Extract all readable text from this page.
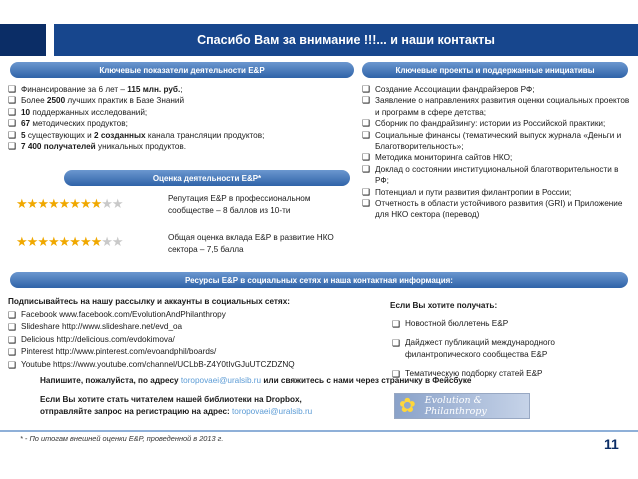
Спасибо Вам за внимание !!!... и наши контакты
Ключевые показатели деятельности E&P	Ключевые проекты и поддержанные инициативы
Оценка деятельности E&P*
Ресурсы E&P в социальных сетях и наша контактная информация:
❑ Финансирование за 6 лет – 115 млн. руб.;
❑ Более 2500 лучших практик в Базе Знаний
❑ 10 поддержанных исследований;
❑ 67 методических продуктов;
❑ 5 существующих и 2 созданных канала трансляции продуктов;
❑ 7 400 получателей уникальных продуктов.
❑ Создание Ассоциации фандрайзеров РФ;
❑ Заявление о направлениях развития оценки социальных проектов и программ в сфере детства;
❑ Сборник по фандрайзингу: истории из Российской практики;
❑ Социальные финансы (тематический выпуск журнала «Деньги и Благотворительность»;
❑ Методика мониторинга сайтов НКО;
❑ Доклад о состоянии институциональной благотворительности в РФ;
❑ Потенциал и пути развития филантропии в России;
❑ Отчетность в области устойчивого развития (GRI) и Приложение для НКО сектора (перевод)
★★★★★★★★★★	Репутация E&P в профессиональном сообществе – 8 баллов из 10-ти
★★★★★★★★★★	Общая оценка вклада E&P в развитие НКО сектора – 7,5 балла
Подписывайтесь на нашу рассылку и аккаунты в социальных сетях:
❑ Facebook www.facebook.com/EvolutionAndPhilanthropy
❑ Slideshare http://www.slideshare.net/evd_oa
❑ Delicious http://delicious.com/evdokimova/
❑ Pinterest http://www.pinterest.com/evoandphil/boards/
❑ Youtube https://www.youtube.com/channel/UCLbB-Z4Y0tIvGJuUTCZDZNQ
Если Вы хотите получать:
❑ Новостной бюллетень E&P
❑ Дайджест публикаций международного филантропического сообщества E&P
❑ Тематическую подборку статей E&P
Напишите, пожалуйста, по адресу toropovaei@uralsib.ru или свяжитесь с нами через страничку в Фейсбуке
Если Вы хотите стать читателем нашей библиотеки на Dropbox,
отправляйте запрос на регистрацию на адрес: toropovaei@uralsib.ru	✿ Evolution & Philanthropy
* - По итогам внешней оценки E&P, проведенной в 2013 г.	11
